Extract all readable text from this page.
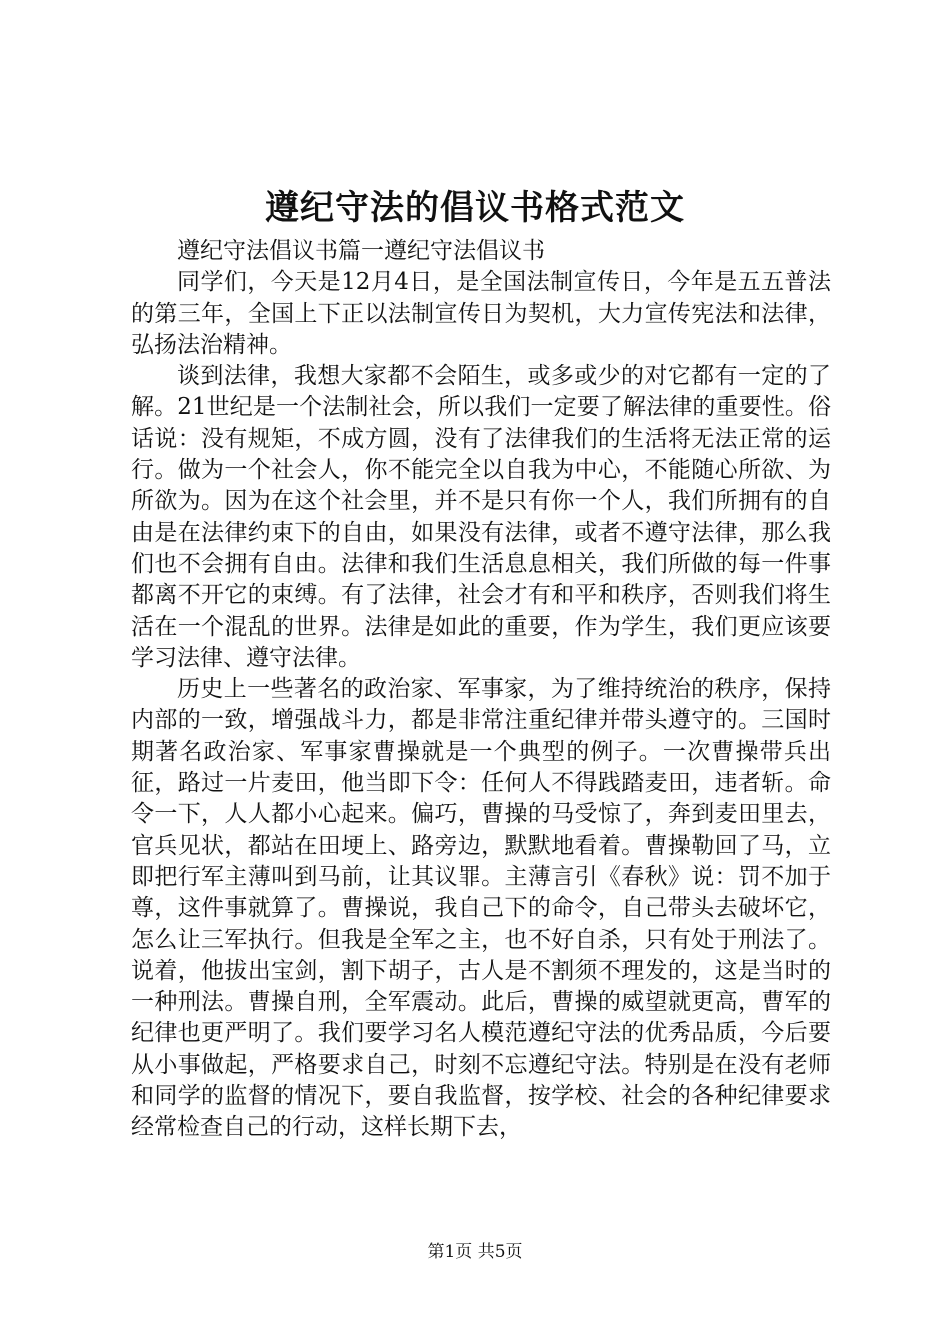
遵纪守法的倡议书格式范文

遵纪守法倡议书篇一遵纪守法倡议书

同学们，今天是12月4日，是全国法制宣传日，今年是五五普法的第三年，全国上下正以法制宣传日为契机，大力宣传宪法和法律，弘扬法治精神。

谈到法律，我想大家都不会陌生，或多或少的对它都有一定的了解。21世纪是一个法制社会，所以我们一定要了解法律的重要性。俗话说：没有规矩，不成方圆，没有了法律我们的生活将无法正常的运行。做为一个社会人，你不能完全以自我为中心，不能随心所欲、为所欲为。因为在这个社会里，并不是只有你一个人，我们所拥有的自由是在法律约束下的自由，如果没有法律，或者不遵守法律，那么我们也不会拥有自由。法律和我们生活息息相关，我们所做的每一件事都离不开它的束缚。有了法律，社会才有和平和秩序，否则我们将生活在一个混乱的世界。法律是如此的重要，作为学生，我们更应该要学习法律、遵守法律。

历史上一些著名的政治家、军事家，为了维持统治的秩序，保持内部的一致，增强战斗力，都是非常注重纪律并带头遵守的。三国时期著名政治家、军事家曹操就是一个典型的例子。一次曹操带兵出征，路过一片麦田，他当即下令：任何人不得践踏麦田，违者斩。命令一下，人人都小心起来。偏巧，曹操的马受惊了，奔到麦田里去，官兵见状，都站在田埂上、路旁边，默默地看着。曹操勒回了马，立即把行军主薄叫到马前，让其议罪。主薄言引《春秋》说：罚不加于尊，这件事就算了。曹操说，我自己下的命令，自己带头去破坏它，怎么让三军执行。但我是全军之主，也不好自杀，只有处于刑法了。说着，他拔出宝剑，割下胡子，古人是不割须不理发的，这是当时的一种刑法。曹操自刑，全军震动。此后，曹操的威望就更高，曹军的纪律也更严明了。我们要学习名人模范遵纪守法的优秀品质，今后要从小事做起，严格要求自己，时刻不忘遵纪守法。特别是在没有老师和同学的监督的情况下，要自我监督，按学校、社会的各种纪律要求经常检查自己的行动，这样长期下去，

第1页 共5页
